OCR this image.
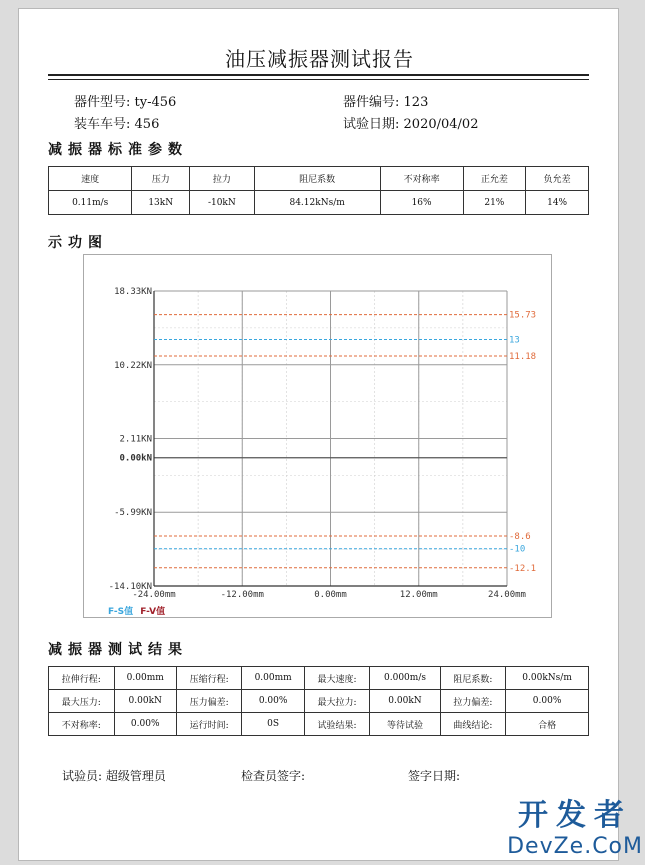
油压减振器测试报告
器件型号: ty-456	器件编号: 123
装车车号: 456	试验日期: 2020/04/02
减振器标准参数
速度	压力	拉力	阻尼系数	不对称率	正允差	负允差
0.11m/s	13kN	-10kN	84.12kNs/m	16%	21%	14%
示功图
-24.00mm	-12.00mm	0.00mm	12.00mm	24.00mm
18.33KN
10.22KN
2.11KN
0.00kN
-5.99KN
-14.10KN
15.73
13
11.18
-8.6
-10
-12.1
F-S值 F-V值
减振器测试结果
拉伸行程:	0.00mm	压缩行程:	0.00mm	最大速度:	0.000m/s	阻尼系数:	0.00kNs/m
最大压力:	0.00kN	压力偏差:	0.00%	最大拉力:	0.00kN	拉力偏差:	0.00%
不对称率:	0.00%	运行时间:	0S	试验结果:	等待试验	曲线结论:	合格
试验员: 超级管理员	检查员签字:	签字日期:
开发者
DevZe.CoM
